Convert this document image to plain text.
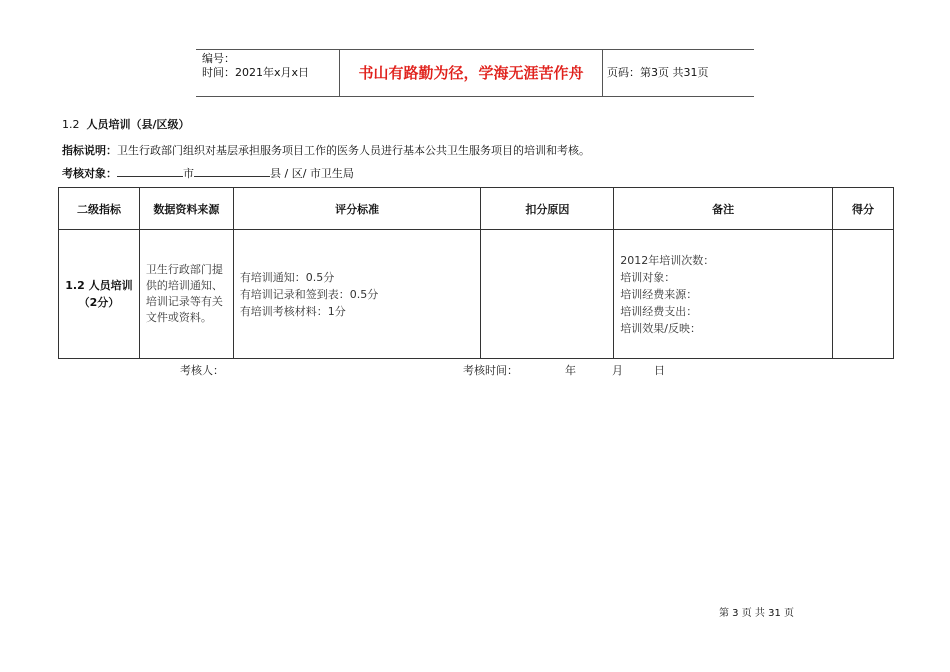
编号：
时间：2021年x月x日	书山有路勤为径，学海无涯苦作舟	页码：第3页 共31页
1.2 人员培训（县/区级）
指标说明：卫生行政部门组织对基层承担服务项目工作的医务人员进行基本公共卫生服务项目的培训和考核。
考核对象：	市	县 / 区/ 市卫生局
二级指标	数据资料来源	评分标准	扣分原因	备注	得分

1.2 人员培训
（2分）	卫生行政部门提供的培训通知、培训记录等有关文件或资料。	有培训通知：0.5分
有培训记录和签到表：0.5分
有培训考核材料：1分		2012年培训次数：
培训对象：
培训经费来源：
培训经费支出：
培训效果/反映：	

考核人：	考核时间：	年	月	日
第 3 页 共 31 页
